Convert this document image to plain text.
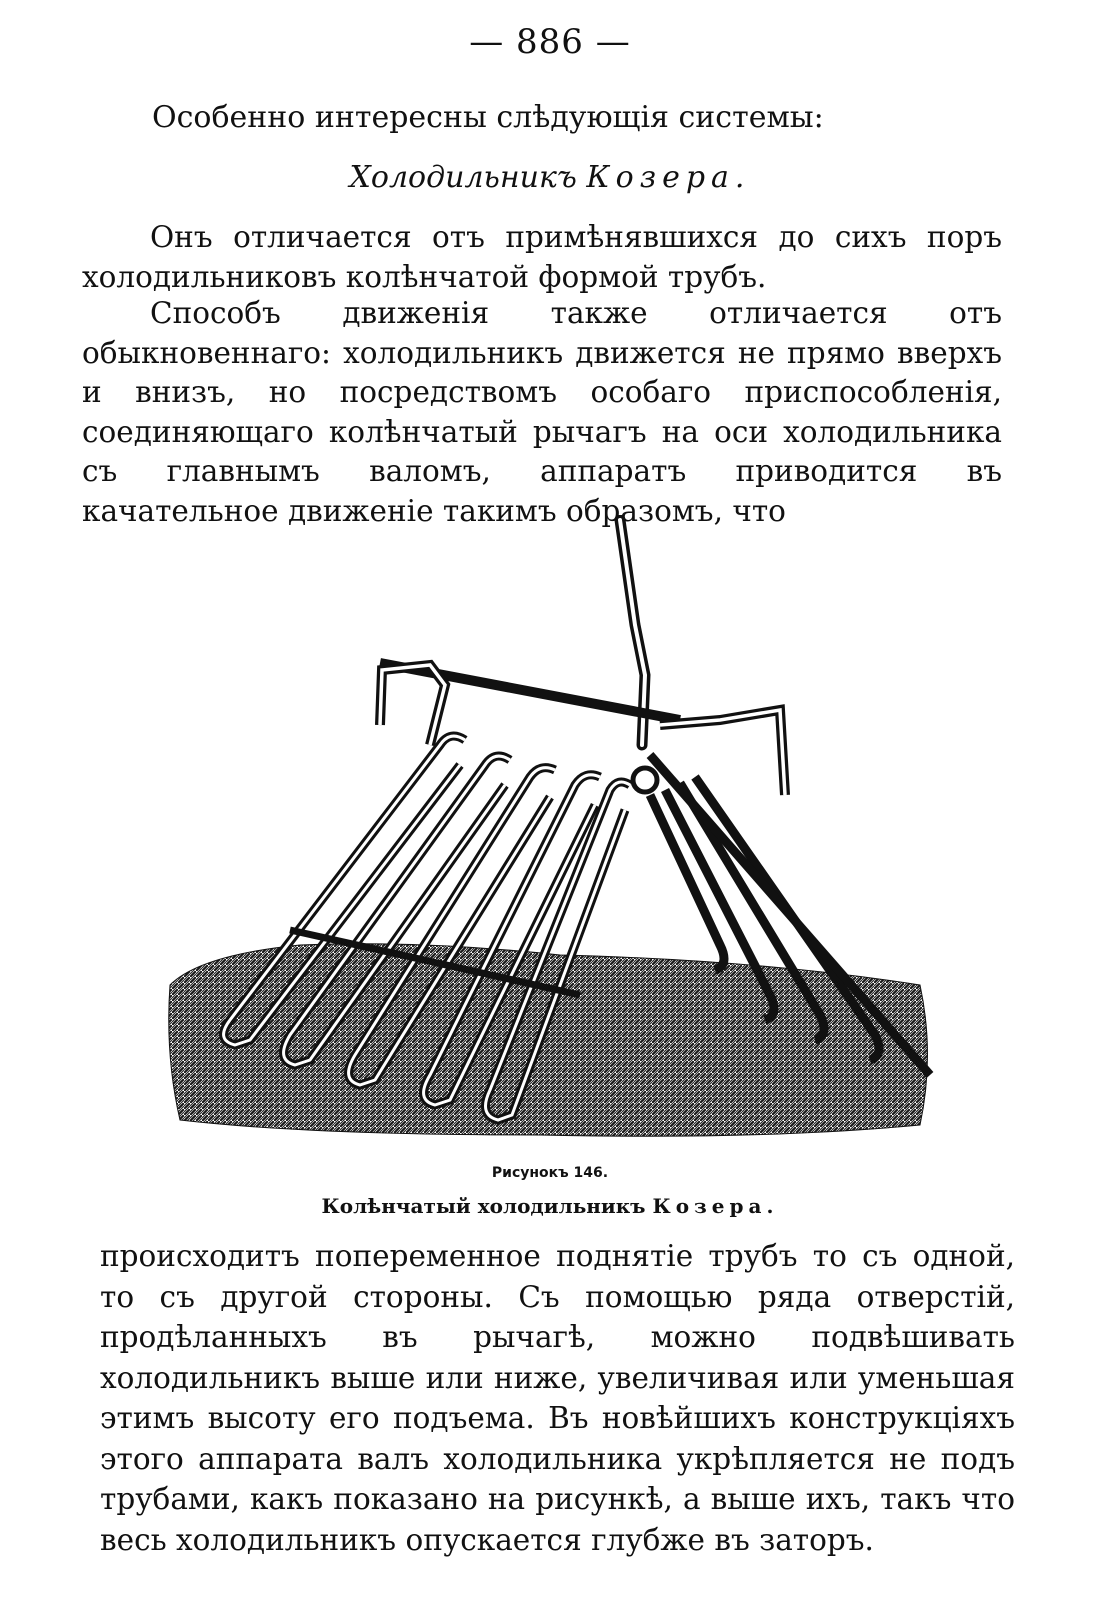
— 886 —
Особенно интересны слѣдующія системы:
Холодильникъ Козера.

Онъ отличается отъ примѣнявшихся до сихъ поръ холодильниковъ колѣнчатой формой трубъ.

Способъ движенія также отличается отъ обыкновеннаго: холодильникъ движется не прямо вверхъ и внизъ, но посредствомъ особаго приспособленія, соединяющаго колѣнчатый рычагъ на оси холодильника съ главнымъ валомъ, аппаратъ приводится въ качательное движеніе такимъ образомъ, что

Рисунокъ 146.
Колѣнчатый холодильникъ Козера.

происходитъ попеременное поднятіе трубъ то съ одной, то съ другой стороны. Съ помощью ряда отверстій, продѣланныхъ въ рычагѣ, можно подвѣшивать холодильникъ выше или ниже, увеличивая или уменьшая этимъ высоту его подъема. Въ новѣйшихъ конструкціяхъ этого аппарата валъ холодильника укрѣпляется не подъ трубами, какъ показано на рисункѣ, а выше ихъ, такъ что весь холодильникъ опускается глубже въ заторъ.
